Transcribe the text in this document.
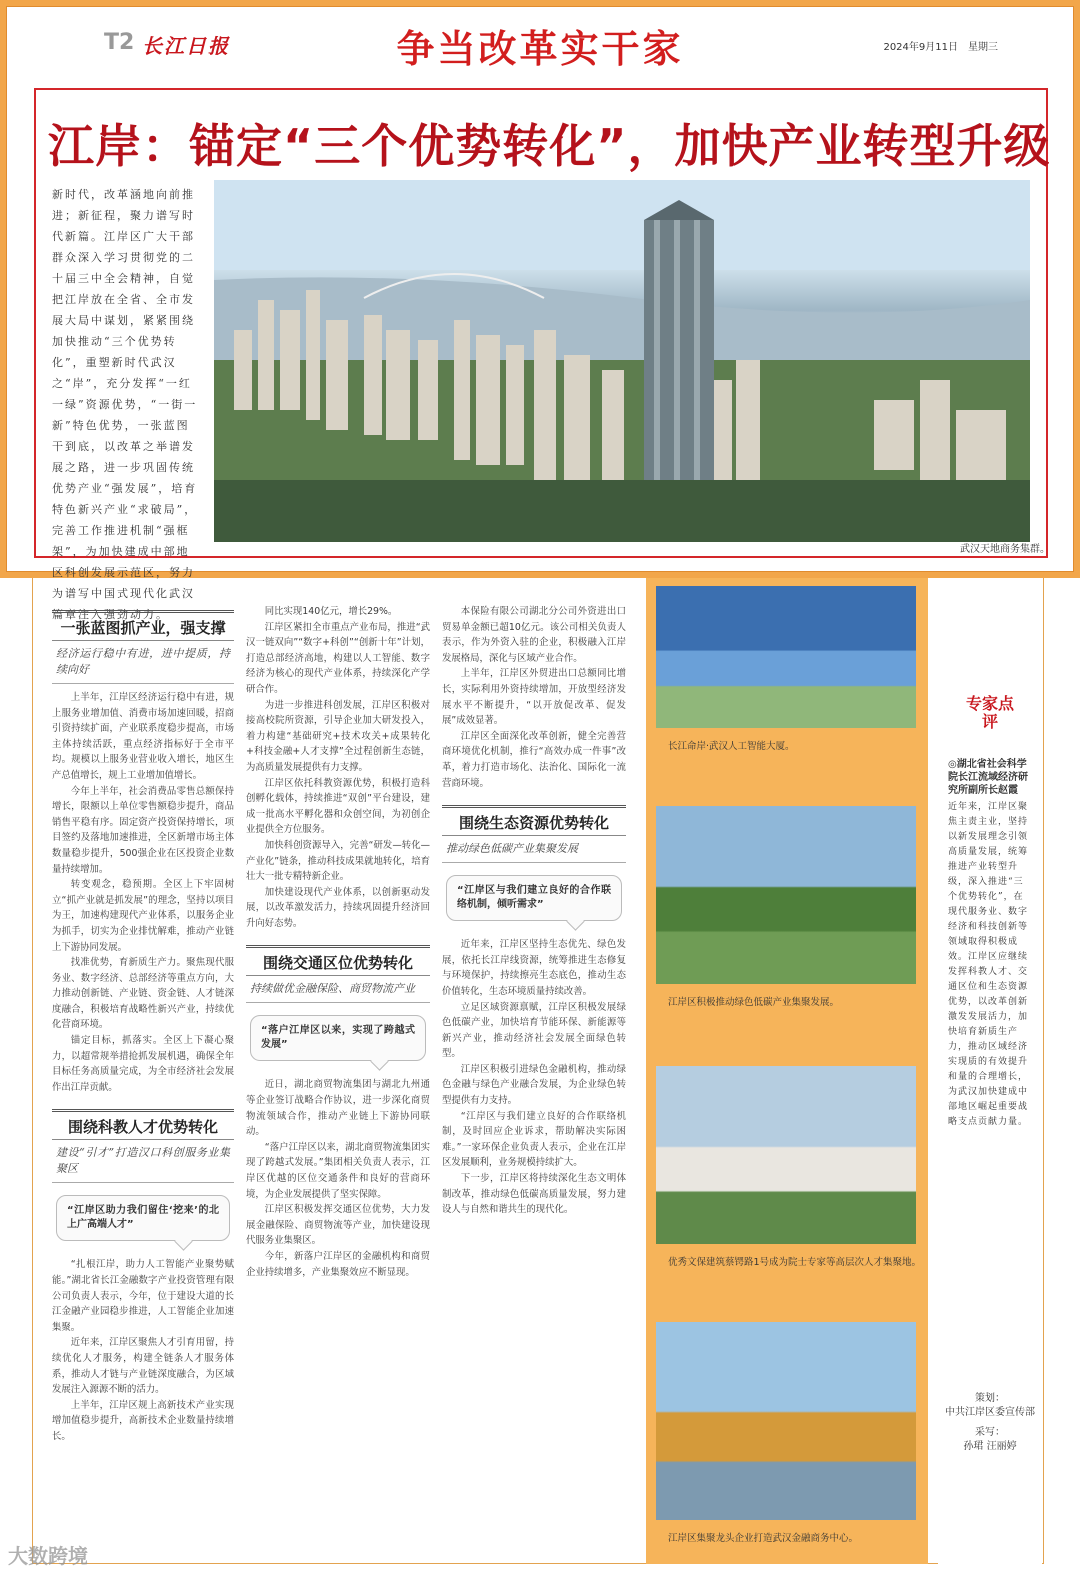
T2 长江日报	争当改革实干家	2024年9月11日　星期三
江岸：锚定“三个优势转化”，加快产业转型升级
新时代，改革涵地向前推进；新征程，聚力谱写时代新篇。江岸区广大干部群众深入学习贯彻党的二十届三中全会精神，自觉把江岸放在全省、全市发展大局中谋划，紧紧围绕加快推动“三个优势转化”，重塑新时代武汉之“岸”，充分发挥“一红一绿”资源优势，“一街一新”特色优势，一张蓝图干到底，以改革之举谱发展之路，进一步巩固传统优势产业“强发展”，培育特色新兴产业“求破局”，完善工作推进机制“强框架”，为加快建成中部地区科创发展示范区，努力为谱写中国式现代化武汉篇章注入强劲动力。
武汉天地商务集群。
一张蓝图抓产业，强支撑
经济运行稳中有进，进中提质，持续向好

上半年，江岸区经济运行稳中有进，规上服务业增加值、消费市场加速回暖，招商引资持续扩面，产业联系度稳步提高，市场主体持续活跃，重点经济指标好于全市平均。规模以上服务业营业收入增长，地区生产总值增长，规上工业增加值增长。

今年上半年，社会消费品零售总额保持增长，限额以上单位零售额稳步提升，商品销售平稳有序。固定资产投资保持增长，项目签约及落地加速推进，全区新增市场主体数量稳步提升，500强企业在区投资企业数量持续增加。

转变观念，稳预期。全区上下牢固树立“抓产业就是抓发展”的理念，坚持以项目为王，加速构建现代产业体系，以服务企业为抓手，切实为企业排忧解难，推动产业链上下游协同发展。

找准优势，育新质生产力。聚焦现代服务业、数字经济、总部经济等重点方向，大力推动创新链、产业链、资金链、人才链深度融合，积极培育战略性新兴产业，持续优化营商环境。

锚定目标，抓落实。全区上下凝心聚力，以超常规举措抢抓发展机遇，确保全年目标任务高质量完成，为全市经济社会发展作出江岸贡献。

围绕科教人才优势转化
建设“引才”打造汉口科创服务业集聚区
“江岸区助力我们留住‘挖来’的北上广高端人才”

“扎根江岸，助力人工智能产业聚势赋能。”湖北省长江金融数字产业投资管理有限公司负责人表示，今年，位于建设大道的长江金融产业园稳步推进，人工智能企业加速集聚。

近年来，江岸区聚焦人才引育用留，持续优化人才服务，构建全链条人才服务体系，推动人才链与产业链深度融合，为区域发展注入源源不断的活力。

上半年，江岸区规上高新技术产业实现增加值稳步提升，高新技术企业数量持续增长。

同比实现140亿元，增长29%。

江岸区紧扣全市重点产业布局，推进“武汉一链双向”“数字+科创”“创新十年”计划，打造总部经济高地，构建以人工智能、数字经济为核心的现代产业体系，持续深化产学研合作。

为进一步推进科创发展，江岸区积极对接高校院所资源，引导企业加大研发投入，着力构建“基础研究+技术攻关+成果转化+科技金融+人才支撑”全过程创新生态链，为高质量发展提供有力支撑。

江岸区依托科教资源优势，积极打造科创孵化载体，持续推进“双创”平台建设，建成一批高水平孵化器和众创空间，为初创企业提供全方位服务。

加快科创资源导入，完善“研发—转化—产业化”链条，推动科技成果就地转化，培育壮大一批专精特新企业。

加快建设现代产业体系，以创新驱动发展，以改革激发活力，持续巩固提升经济回升向好态势。

围绕交通区位优势转化
持续做优金融保险、商贸物流产业
“落户江岸区以来，实现了跨越式发展”

近日，湖北商贸物流集团与湖北九州通等企业签订战略合作协议，进一步深化商贸物流领域合作，推动产业链上下游协同联动。

“落户江岸区以来，湖北商贸物流集团实现了跨越式发展。”集团相关负责人表示，江岸区优越的区位交通条件和良好的营商环境，为企业发展提供了坚实保障。

江岸区积极发挥交通区位优势，大力发展金融保险、商贸物流等产业，加快建设现代服务业集聚区。

今年，新落户江岸区的金融机构和商贸企业持续增多，产业集聚效应不断显现。

本保险有限公司湖北分公司外资进出口贸易单金额已超10亿元。该公司相关负责人表示，作为外资入驻的企业，积极融入江岸发展格局，深化与区域产业合作。

上半年，江岸区外贸进出口总额同比增长，实际利用外资持续增加，开放型经济发展水平不断提升，“以开放促改革、促发展”成效显著。

江岸区全面深化改革创新，健全完善营商环境优化机制，推行“高效办成一件事”改革，着力打造市场化、法治化、国际化一流营商环境。

围绕生态资源优势转化
推动绿色低碳产业集聚发展
“江岸区与我们建立良好的合作联络机制，倾听需求”

近年来，江岸区坚持生态优先、绿色发展，依托长江岸线资源，统筹推进生态修复与环境保护，持续擦亮生态底色，推动生态价值转化，生态环境质量持续改善。

立足区域资源禀赋，江岸区积极发展绿色低碳产业，加快培育节能环保、新能源等新兴产业，推动经济社会发展全面绿色转型。

江岸区积极引进绿色金融机构，推动绿色金融与绿色产业融合发展，为企业绿色转型提供有力支持。

“江岸区与我们建立良好的合作联络机制，及时回应企业诉求，帮助解决实际困难。”一家环保企业负责人表示，企业在江岸区发展顺利，业务规模持续扩大。

下一步，江岸区将持续深化生态文明体制改革，推动绿色低碳高质量发展，努力建设人与自然和谐共生的现代化。

长江命岸·武汉人工智能大厦。
江岸区积极推动绿色低碳产业集聚发展。
优秀文保建筑蔡锷路1号成为院士专家等高层次人才集聚地。
江岸区集聚龙头企业打造武汉金融商务中心。
专家点评
◎湖北省社会科学院长江流域经济研究所副所长赵霞
近年来，江岸区聚焦主责主业，坚持以新发展理念引领高质量发展，统筹推进产业转型升级，深入推进“三个优势转化”，在现代服务业、数字经济和科技创新等领域取得积极成效。江岸区应继续发挥科教人才、交通区位和生态资源优势，以改革创新激发发展活力，加快培育新质生产力，推动区域经济实现质的有效提升和量的合理增长，为武汉加快建成中部地区崛起重要战略支点贡献力量。
策划：
中共江岸区委宣传部
采写：
孙珺 汪丽婷
大数跨境
